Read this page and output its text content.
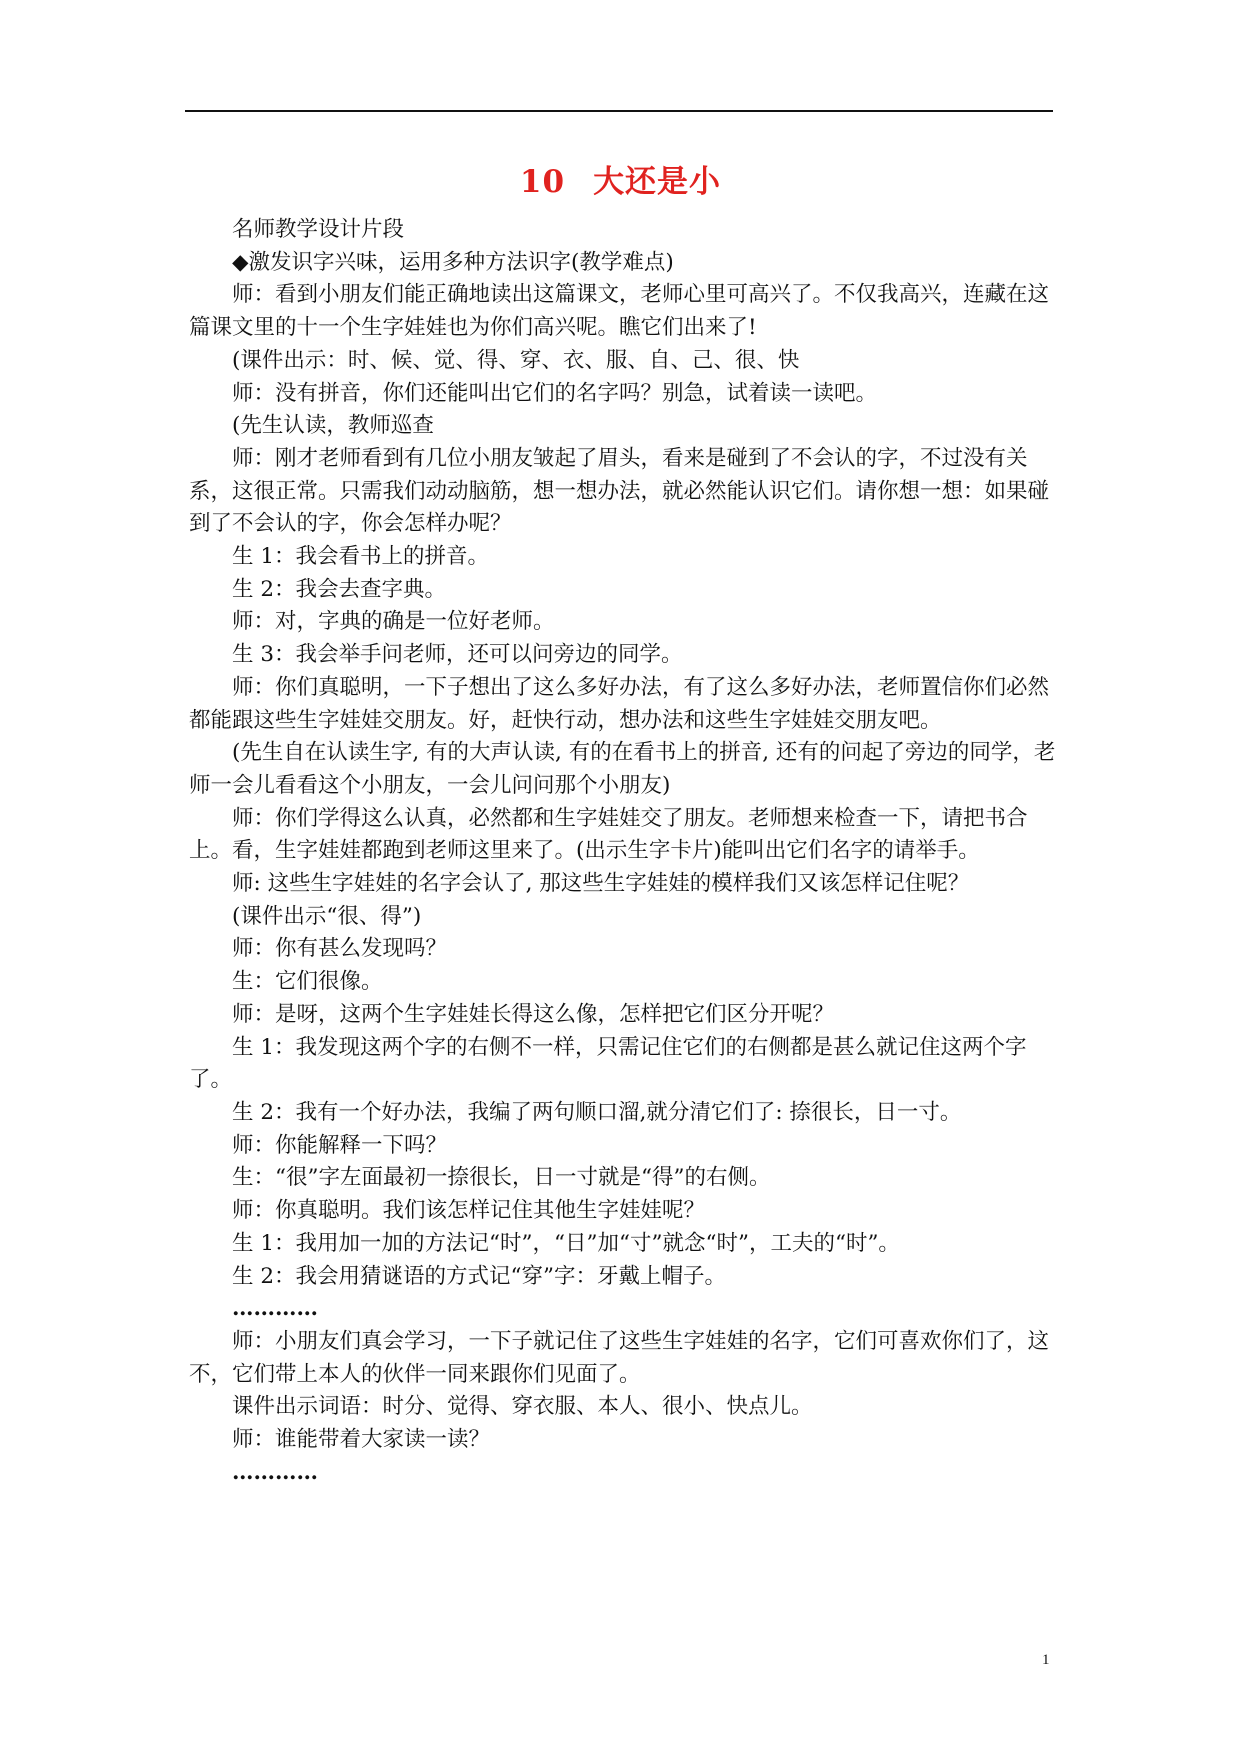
10 大还是小

名师教学设计片段

◆激发识字兴味，运用多种方法识字(教学难点)

师：看到小朋友们能正确地读出这篇课文，老师心里可高兴了。不仅我高兴，连藏在这篇课文里的十一个生字娃娃也为你们高兴呢。瞧它们出来了!

(课件出示：时、候、觉、得、穿、衣、服、自、己、很、快

师：没有拼音，你们还能叫出它们的名字吗？别急，试着读一读吧。

(先生认读，教师巡查

师：刚才老师看到有几位小朋友皱起了眉头，看来是碰到了不会认的字，不过没有关系，这很正常。只需我们动动脑筋，想一想办法，就必然能认识它们。请你想一想：如果碰到了不会认的字，你会怎样办呢？

生 1：我会看书上的拼音。

生 2：我会去查字典。

师：对，字典的确是一位好老师。

生 3：我会举手问老师，还可以问旁边的同学。

师：你们真聪明，一下子想出了这么多好办法，有了这么多好办法，老师置信你们必然都能跟这些生字娃娃交朋友。好，赶快行动，想办法和这些生字娃娃交朋友吧。

(先生自在认读生字, 有的大声认读, 有的在看书上的拼音, 还有的问起了旁边的同学，老师一会儿看看这个小朋友，一会儿问问那个小朋友)

师：你们学得这么认真，必然都和生字娃娃交了朋友。老师想来检查一下，请把书合上。看，生字娃娃都跑到老师这里来了。(出示生字卡片)能叫出它们名字的请举手。

师: 这些生字娃娃的名字会认了, 那这些生字娃娃的模样我们又该怎样记住呢？

(课件出示“很、得”)

师：你有甚么发现吗？

生：它们很像。

师：是呀，这两个生字娃娃长得这么像，怎样把它们区分开呢？

生 1：我发现这两个字的右侧不一样，只需记住它们的右侧都是甚么就记住这两个字了。

生 2：我有一个好办法，我编了两句顺口溜,就分清它们了: 捺很长，日一寸。

师：你能解释一下吗？

生：“很”字左面最初一捺很长，日一寸就是“得”的右侧。

师：你真聪明。我们该怎样记住其他生字娃娃呢？

生 1：我用加一加的方法记“时”，“日”加“寸”就念“时”，工夫的“时”。

生 2：我会用猜谜语的方式记“穿”字：牙戴上帽子。

…………

师：小朋友们真会学习，一下子就记住了这些生字娃娃的名字，它们可喜欢你们了，这不，它们带上本人的伙伴一同来跟你们见面了。

课件出示词语：时分、觉得、穿衣服、本人、很小、快点儿。

师：谁能带着大家读一读？

…………

1
